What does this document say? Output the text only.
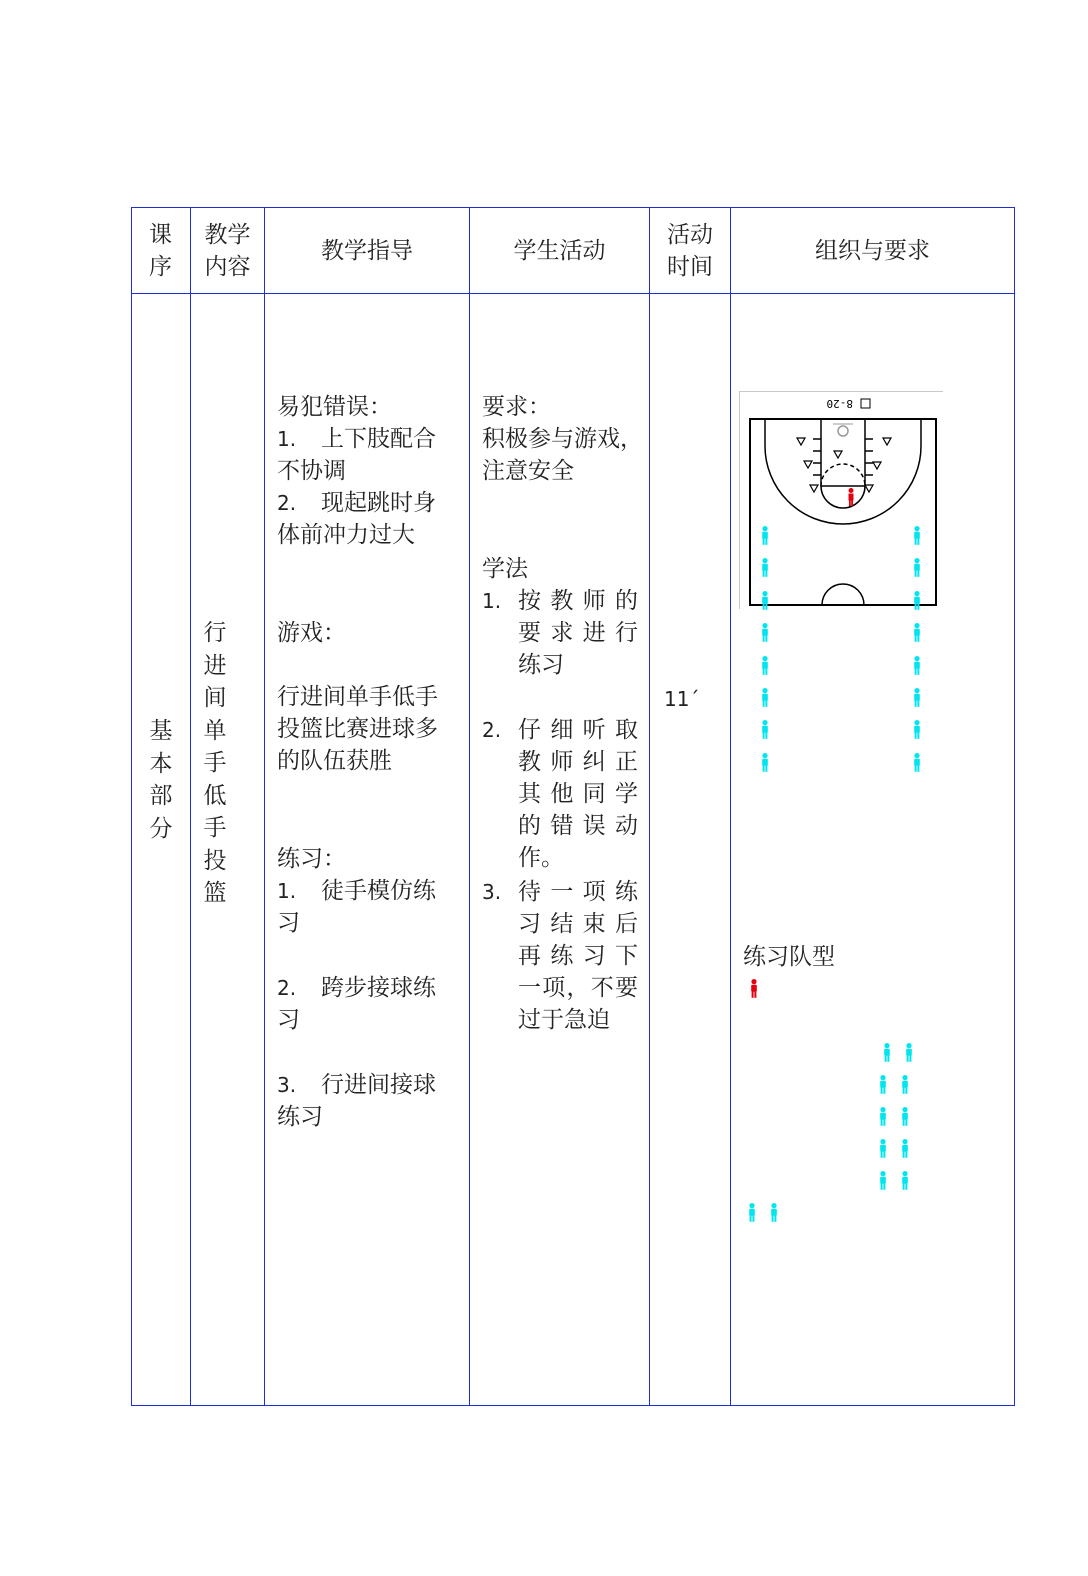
课
序
教学
内容
教学指导	学生活动
活动
时间
组织与要求
基
本
部
分
行
进
间
单
手
低
手
投
篮
易犯错误：
1. 上下肢配合
不协调
2. 现起跳时身
体前冲力过大
游戏：
行进间单手低手
投篮比赛进球多
的队伍获胜
练习：
1. 徒手模仿练
习
2. 跨步接球练
习
3. 行进间接球
练习
要求：
积极参与游戏，
注意安全
学法
1. 按教师的
要求进行
练习
2. 仔细听取
教师纠正
其他同学
的错误动
作。
3. 待一项练
习结束后
再练习下
一项，不要
过于急迫
11´
8-20
练习队型
